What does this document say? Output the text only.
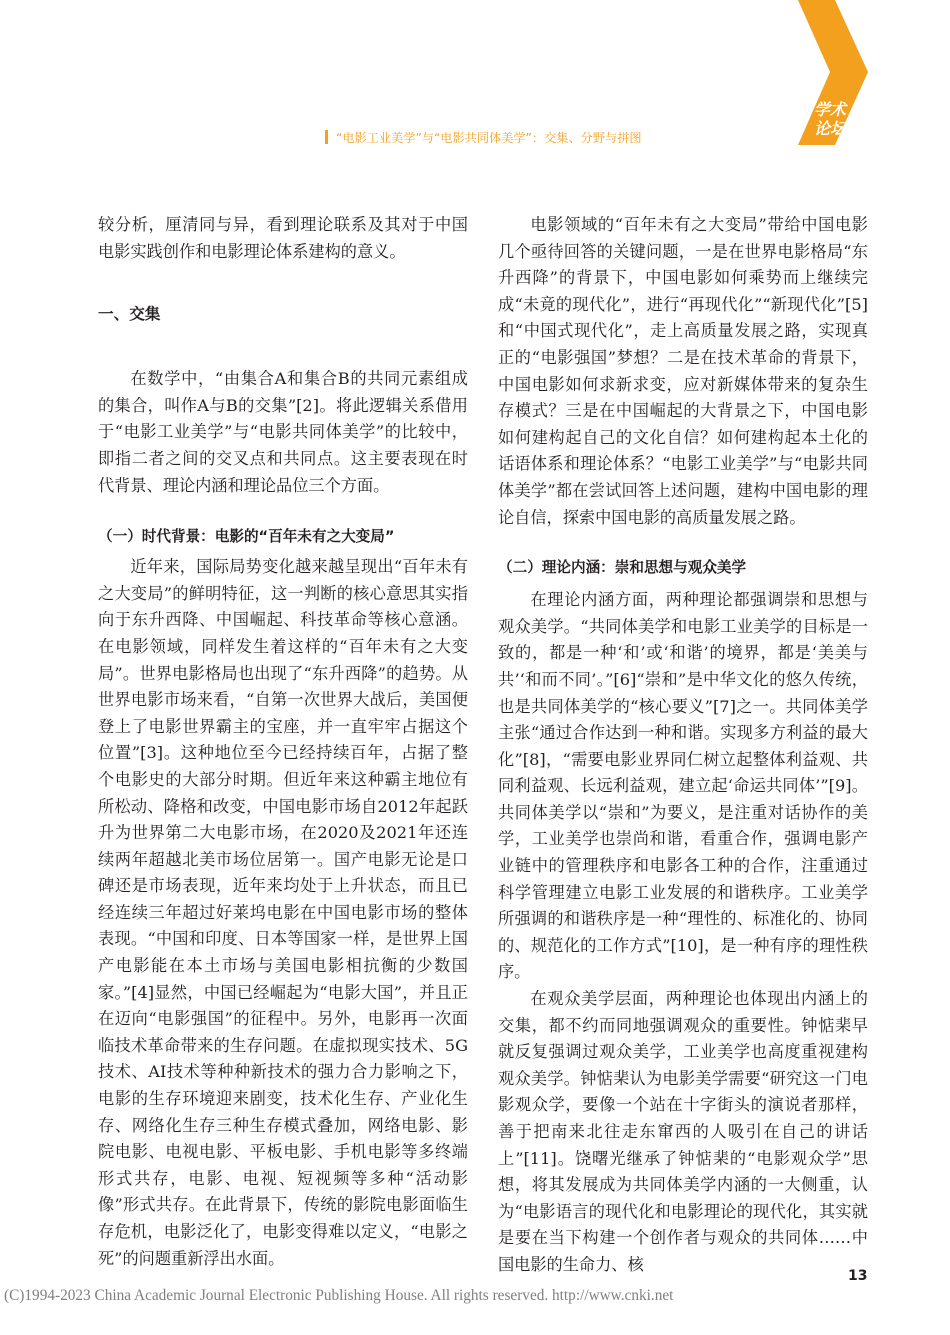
学术
论坛
“电影工业美学”与“电影共同体美学”：交集、分野与拼图

较分析，厘清同与异，看到理论联系及其对于中国电影实践创作和电影理论体系建构的意义。

一、交集

在数学中，“由集合A和集合B的共同元素组成的集合，叫作A与B的交集”[2]。将此逻辑关系借用于“电影工业美学”与“电影共同体美学”的比较中，即指二者之间的交叉点和共同点。这主要表现在时代背景、理论内涵和理论品位三个方面。

（一）时代背景：电影的“百年未有之大变局”

近年来，国际局势变化越来越呈现出“百年未有之大变局”的鲜明特征，这一判断的核心意思其实指向于东升西降、中国崛起、科技革命等核心意涵。在电影领域，同样发生着这样的“百年未有之大变局”。世界电影格局也出现了“东升西降”的趋势。从世界电影市场来看，“自第一次世界大战后，美国便登上了电影世界霸主的宝座，并一直牢牢占据这个位置”[3]。这种地位至今已经持续百年，占据了整个电影史的大部分时期。但近年来这种霸主地位有所松动、降格和改变，中国电影市场自2012年起跃升为世界第二大电影市场，在2020及2021年还连续两年超越北美市场位居第一。国产电影无论是口碑还是市场表现，近年来均处于上升状态，而且已经连续三年超过好莱坞电影在中国电影市场的整体表现。“中国和印度、日本等国家一样，是世界上国产电影能在本土市场与美国电影相抗衡的少数国家。”[4]显然，中国已经崛起为“电影大国”，并且正在迈向“电影强国”的征程中。另外，电影再一次面临技术革命带来的生存问题。在虚拟现实技术、5G技术、AI技术等种种新技术的强力合力影响之下，电影的生存环境迎来剧变，技术化生存、产业化生存、网络化生存三种生存模式叠加，网络电影、影院电影、电视电影、平板电影、手机电影等多终端形式共存，电影、电视、短视频等多种“活动影像”形式共存。在此背景下，传统的影院电影面临生存危机，电影泛化了，电影变得难以定义，“电影之死”的问题重新浮出水面。

电影领域的“百年未有之大变局”带给中国电影几个亟待回答的关键问题，一是在世界电影格局“东升西降”的背景下，中国电影如何乘势而上继续完成“未竟的现代化”，进行“再现代化”“新现代化”[5]和“中国式现代化”，走上高质量发展之路，实现真正的“电影强国”梦想？二是在技术革命的背景下，中国电影如何求新求变，应对新媒体带来的复杂生存模式？三是在中国崛起的大背景之下，中国电影如何建构起自己的文化自信？如何建构起本土化的话语体系和理论体系？“电影工业美学”与“电影共同体美学”都在尝试回答上述问题，建构中国电影的理论自信，探索中国电影的高质量发展之路。

（二）理论内涵：崇和思想与观众美学

在理论内涵方面，两种理论都强调崇和思想与观众美学。“共同体美学和电影工业美学的目标是一致的，都是一种‘和’或‘和谐’的境界，都是‘美美与共’‘和而不同’。”[6]“崇和”是中华文化的悠久传统，也是共同体美学的“核心要义”[7]之一。共同体美学主张“通过合作达到一种和谐。实现多方利益的最大化”[8]，“需要电影业界同仁树立起整体利益观、共同利益观、长远利益观，建立起‘命运共同体’”[9]。共同体美学以“崇和”为要义，是注重对话协作的美学，工业美学也崇尚和谐，看重合作，强调电影产业链中的管理秩序和电影各工种的合作，注重通过科学管理建立电影工业发展的和谐秩序。工业美学所强调的和谐秩序是一种“理性的、标准化的、协同的、规范化的工作方式”[10]，是一种有序的理性秩序。

在观众美学层面，两种理论也体现出内涵上的交集，都不约而同地强调观众的重要性。钟惦棐早就反复强调过观众美学，工业美学也高度重视建构观众美学。钟惦棐认为电影美学需要“研究这一门电影观众学，要像一个站在十字街头的演说者那样，善于把南来北往走东窜西的人吸引在自己的讲话上”[11]。饶曙光继承了钟惦棐的“电影观众学”思想，将其发展成为共同体美学内涵的一大侧重，认为“电影语言的现代化和电影理论的现代化，其实就是要在当下构建一个创作者与观众的共同体……中国电影的生命力、核

13
(C)1994-2023 China Academic Journal Electronic Publishing House. All rights reserved. http://www.cnki.net
